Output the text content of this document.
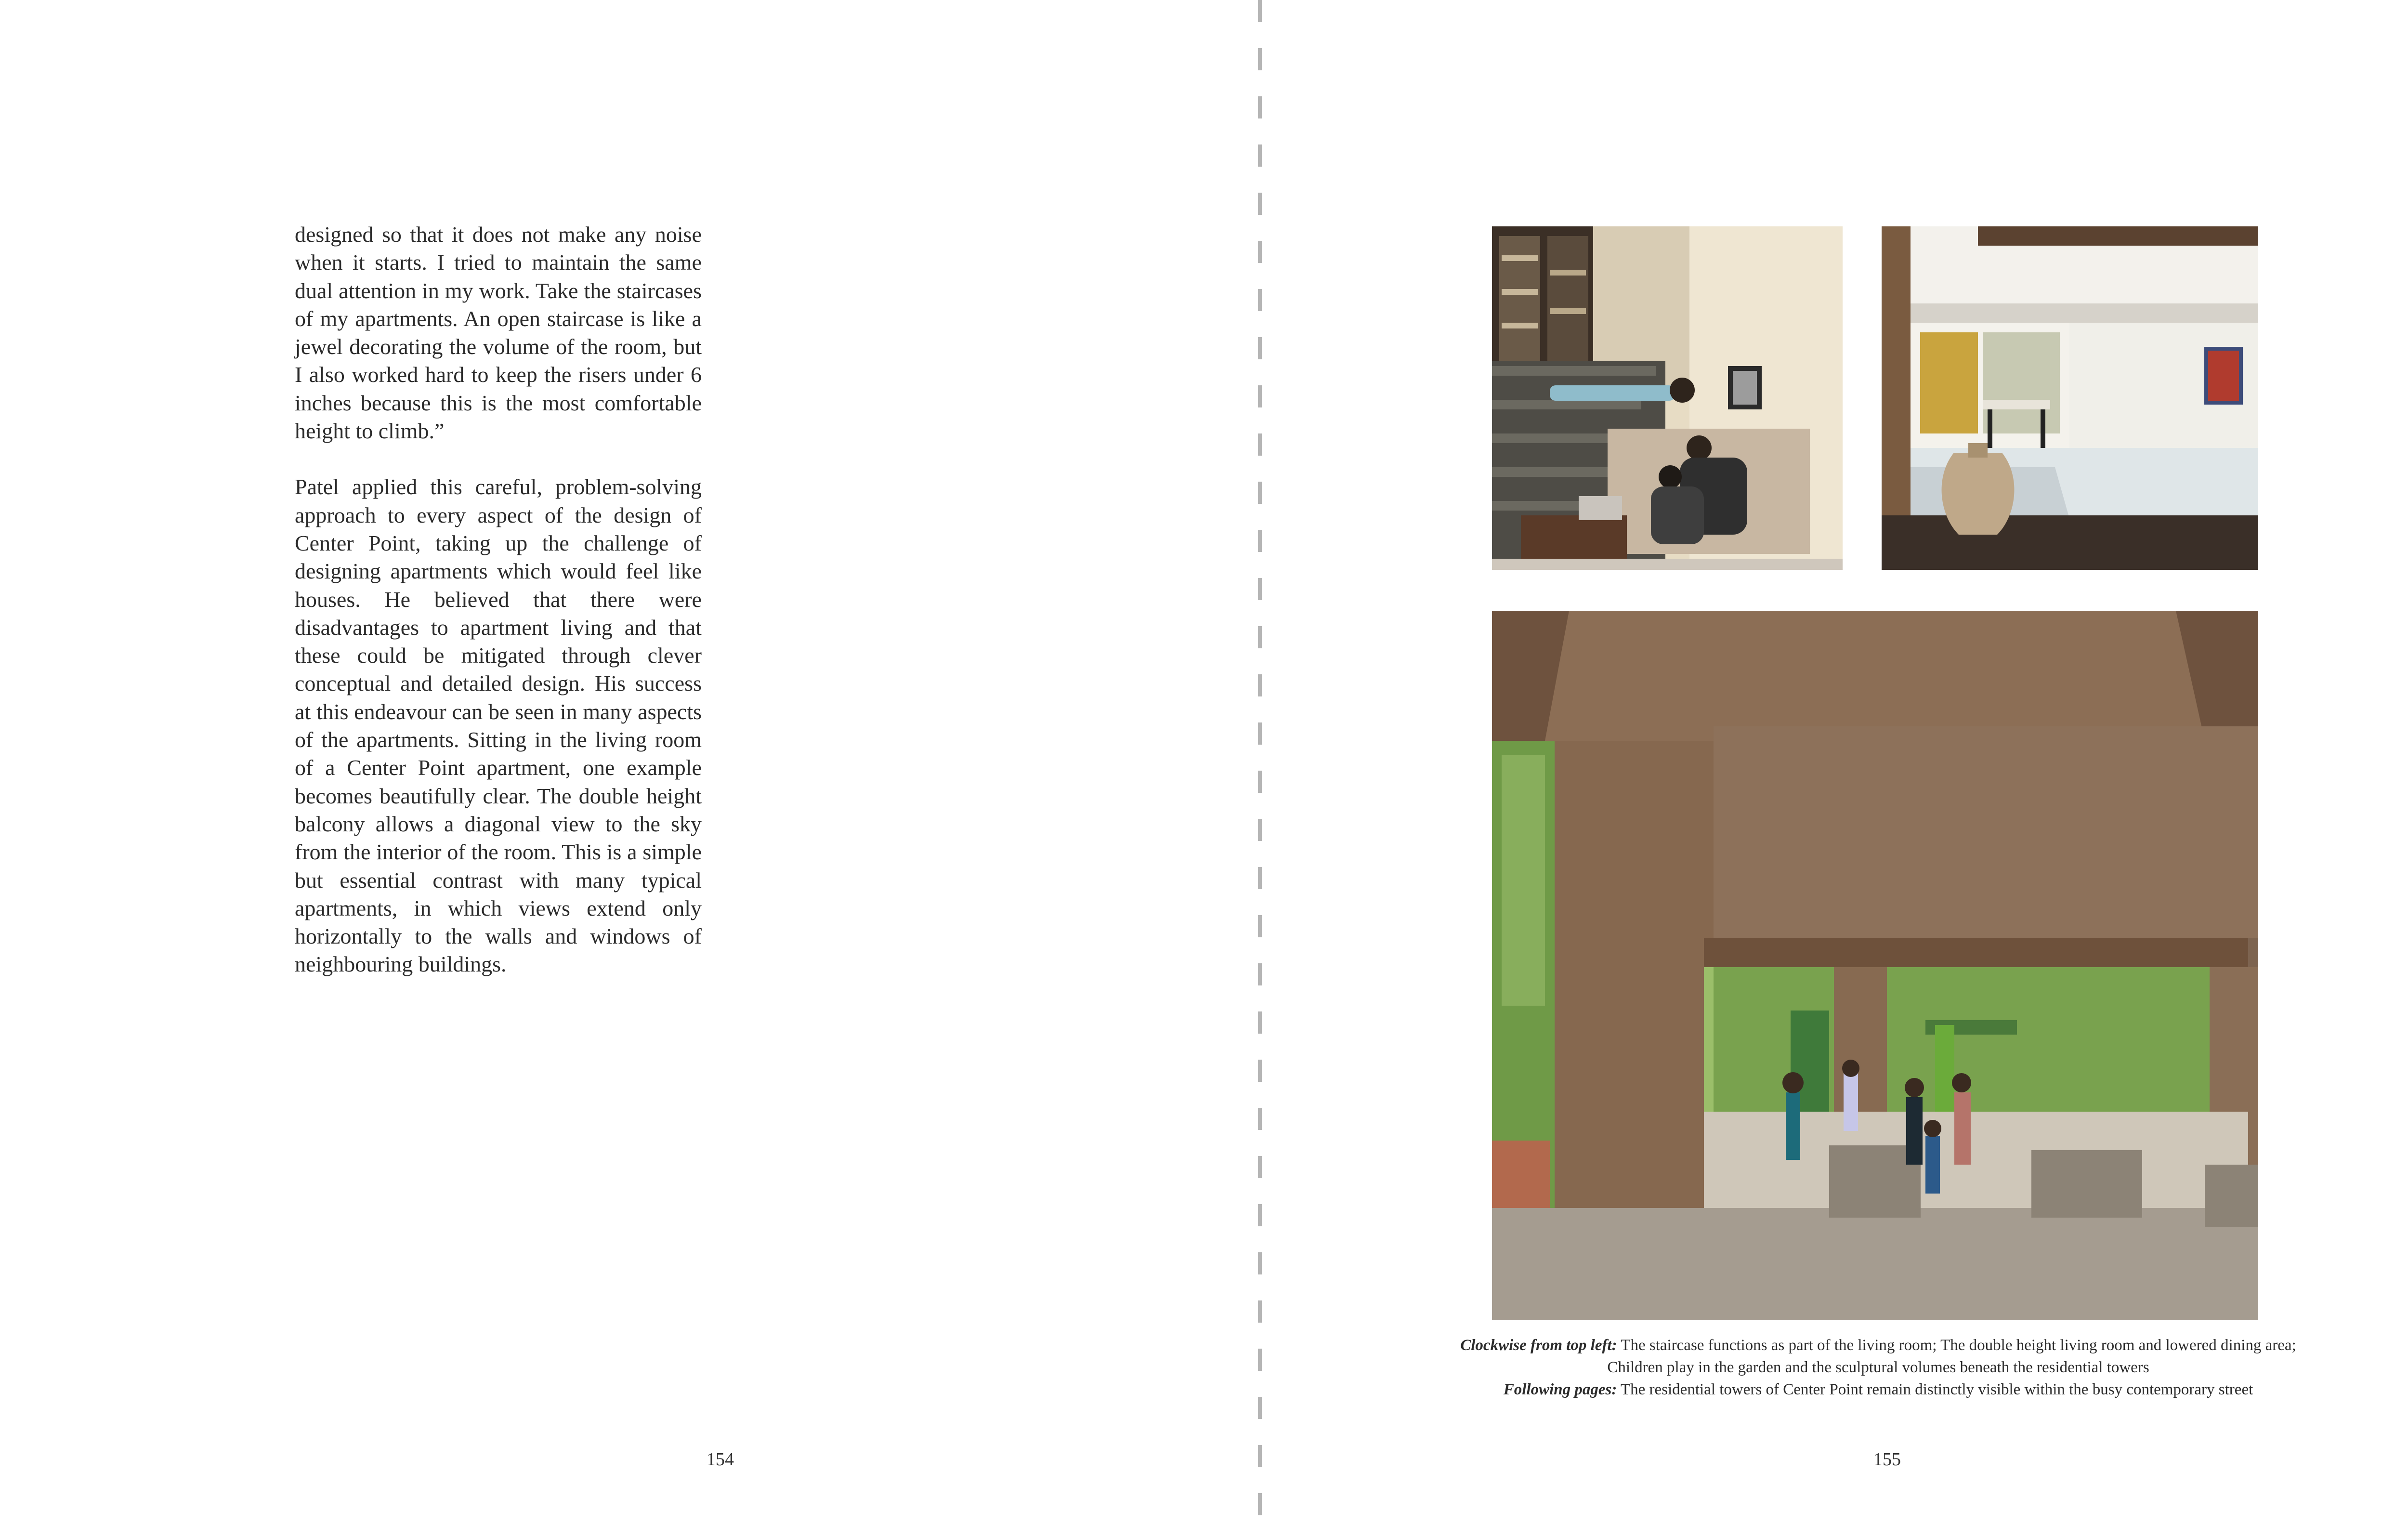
designed so that it does not make any noise when it starts. I tried to maintain the same dual attention in my work. Take the staircases of my apartments. An open staircase is like a jewel decorating the volume of the room, but I also worked hard to keep the risers under 6 inches because this is the most comfortable height to climb.”

Patel applied this careful, problem-solving approach to every aspect of the design of Center Point, taking up the challenge of designing apartments which would feel like houses. He believed that there were disadvantages to apartment living and that these could be mitigated through clever conceptual and detailed design. His success at this endeavour can be seen in many aspects of the apartments. Sitting in the living room of a Center Point apartment, one example becomes beautifully clear. The double height balcony allows a diagonal view to the sky from the interior of the room. This is a simple but essential contrast with many typical apartments, in which views extend only horizontally to the walls and windows of neighbouring buildings.

154
Clockwise from top left: The staircase functions as part of the living room; The double height living room and lowered dining area;
Children play in the garden and the sculptural volumes beneath the residential towers
Following pages: The residential towers of Center Point remain distinctly visible within the busy contemporary street
155
